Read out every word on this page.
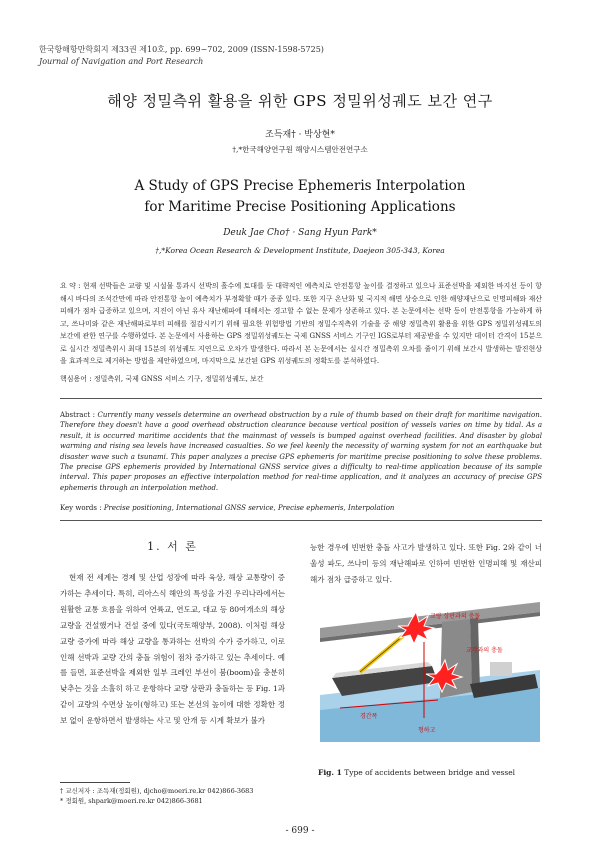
한국항해항만학회지 제33권 제10호, pp. 699~702, 2009 (ISSN-1598-5725)
Journal of Navigation and Port Research
해양 정밀측위 활용을 위한 GPS 정밀위성궤도 보간 연구
조득재† · 박상현*
†,*한국해양연구원 해양시스템안전연구소
A Study of GPS Precise Ephemeris Interpolation
for Maritime Precise Positioning Applications
Deuk Jae Cho† · Sang Hyun Park*
†,*Korea Ocean Research & Development Institute, Daejeon 305-343, Korea
요 약 : 현재 선박들은 교량 및 시설물 통과시 선박의 흘수에 토대를 둔 대략적인 예측치로 안전통항 높이를 결정하고 있으나 표준선박을 제외한 바지선 등이 항해시 바다의 조석간만에 따라 안전통항 높이 예측치가 부정확할 때가 종종 있다. 또한 지구 온난화 및 국지적 해면 상승으로 인한 해양재난으로 인명피해와 재산피해가 점차 급증하고 있으며, 지진이 아닌 유사 재난해파에 대해서는 경고할 수 없는 문제가 상존하고 있다. 본 논문에서는 선박 등이 안전통항을 가능하게 하고, 쓰나미와 같은 재난해파로부터 피해를 절감시키기 위해 필요한 위험방법 기반의 정밀수직측위 기술을 중 해양 정밀측위 활용을 위한 GPS 정밀위성궤도의 보간에 관한 연구를 수행하였다. 본 논문에서 사용하는 GPS 정밀위성궤도는 국제 GNSS 서비스 기구인 IGS로부터 제공받을 수 있지만 데이터 간격이 15분으로 실시간 정밀측위시 최대 15분의 위성궤도 지연으로 오차가 발생한다. 따라서 본 논문에서는 실시간 정밀측위 오차를 줄이기 위해 보간시 발생하는 발진현상을 효과적으로 제거하는 방법을 제안하였으며, 마지막으로 보간된 GPS 위성궤도의 정확도를 분석하였다.
핵심용어 : 정밀측위, 국제 GNSS 서비스 기구, 정밀위성궤도, 보간
Abstract : Currently many vessels determine an overhead obstruction by a rule of thumb based on their draft for maritime navigation. Therefore they doesn't have a good overhead obstruction clearance because vertical position of vessels varies on time by tidal. As a result, it is occurred maritime accidents that the mainmast of vessels is bumped against overhead facilities. And disaster by global warming and rising sea levels have increased casualties. So we feel keenly the necessity of warning system for not an earthquake but disaster wave such a tsunami. This paper analyzes a precise GPS ephemeris for maritime precise positioning to solve these problems. The precise GPS ephemeris provided by International GNSS service gives a difficulty to real-time application because of its sample interval. This paper proposes an effective interpolation method for real-time application, and it analyzes an accuracy of precise GPS ephemeris through an interpolation method.
Key words : Precise positioning, International GNSS service, Precise ephemeris, Interpolation
1. 서 론
현재 전 세계는 경제 및 산업 성장에 따라 육상, 해상 교통량이 증가하는 추세이다. 특히, 리아스식 해안의 특성을 가진 우리나라에서는 원활한 교통 흐름을 위하여 연륙교, 연도교, 대교 등 80여개소의 해상 교량을 건설했거나 건설 중에 있다(국토해양부, 2008). 이처럼 해상 교량 증가에 따라 해상 교량을 통과하는 선박의 수가 증가하고, 이로 인해 선박과 교량 간의 충돌 위험이 점차 증가하고 있는 추세이다. 예를 들면, 표준선박을 제외한 일부 크레인 부선이 붐(boom)을 충분히 낮추는 것을 소홀히 하고 운항하다 교량 상판과 충돌하는 등 Fig. 1과 같이 교량의 수면상 높이(형하고) 또는 본선의 높이에 대한 정확한 정보 없이 운항하면서 발생하는 사고 및 안개 등 시계 확보가 불가
능한 경우에 빈번한 충돌 사고가 발생하고 있다. 또한 Fig. 2와 같이 너울성 파도, 쓰나미 등의 재난해파로 인하여 빈번한 인명피해 및 재산피해가 점차 급증하고 있다.
교량 상판과의 충돌
교각과의 충돌
경간폭
형하고
Fig. 1 Type of accidents between bridge and vessel
† 교신저자 : 조득재(정회원), djcho@moeri.re.kr 042)866-3683
* 정회원, shpark@moeri.re.kr 042)866-3681
- 699 -
